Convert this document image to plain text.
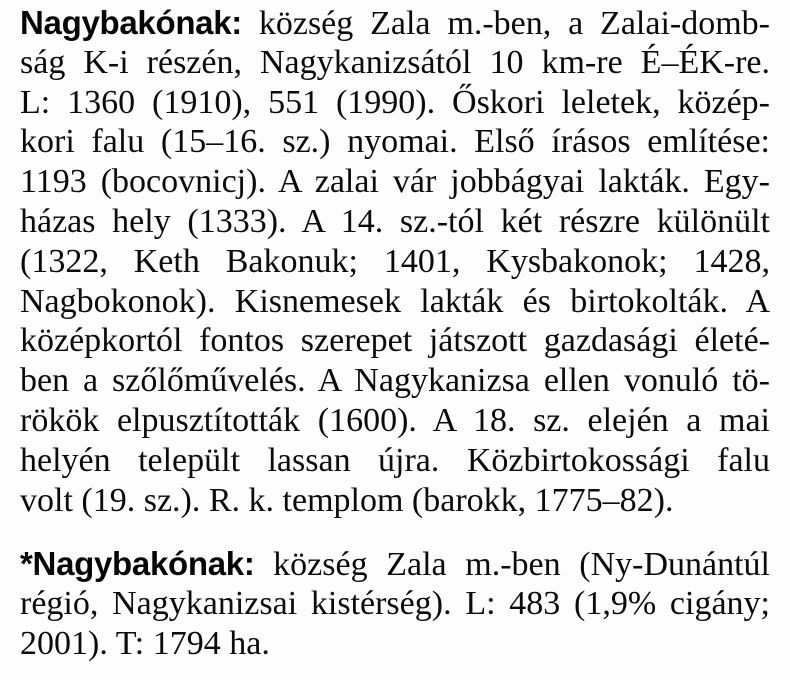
Nagybakónak: község Zala m.-ben, a Zalai-domb-
ság K-i részén, Nagykanizsától 10 km-re É–ÉK-re.
L: 1360 (1910), 551 (1990). Őskori leletek, közép-
kori falu (15–16. sz.) nyomai. Első írásos említése:
1193 (bocovnicj). A zalai vár jobbágyai lakták. Egy-
házas hely (1333). A 14. sz.-tól két részre különült
(1322, Keth Bakonuk; 1401, Kysbakonok; 1428,
Nagbokonok). Kisnemesek lakták és birtokolták. A
középkortól fontos szerepet játszott gazdasági életé-
ben a szőlőművelés. A Nagykanizsa ellen vonuló tö-
rökök elpusztították (1600). A 18. sz. elején a mai
helyén települt lassan újra. Közbirtokossági falu
volt (19. sz.). R. k. templom (barokk, 1775–82).
*Nagybakónak: község Zala m.-ben (Ny-Dunántúl
régió, Nagykanizsai kistérség). L: 483 (1,9% cigány;
2001). T: 1794 ha.
